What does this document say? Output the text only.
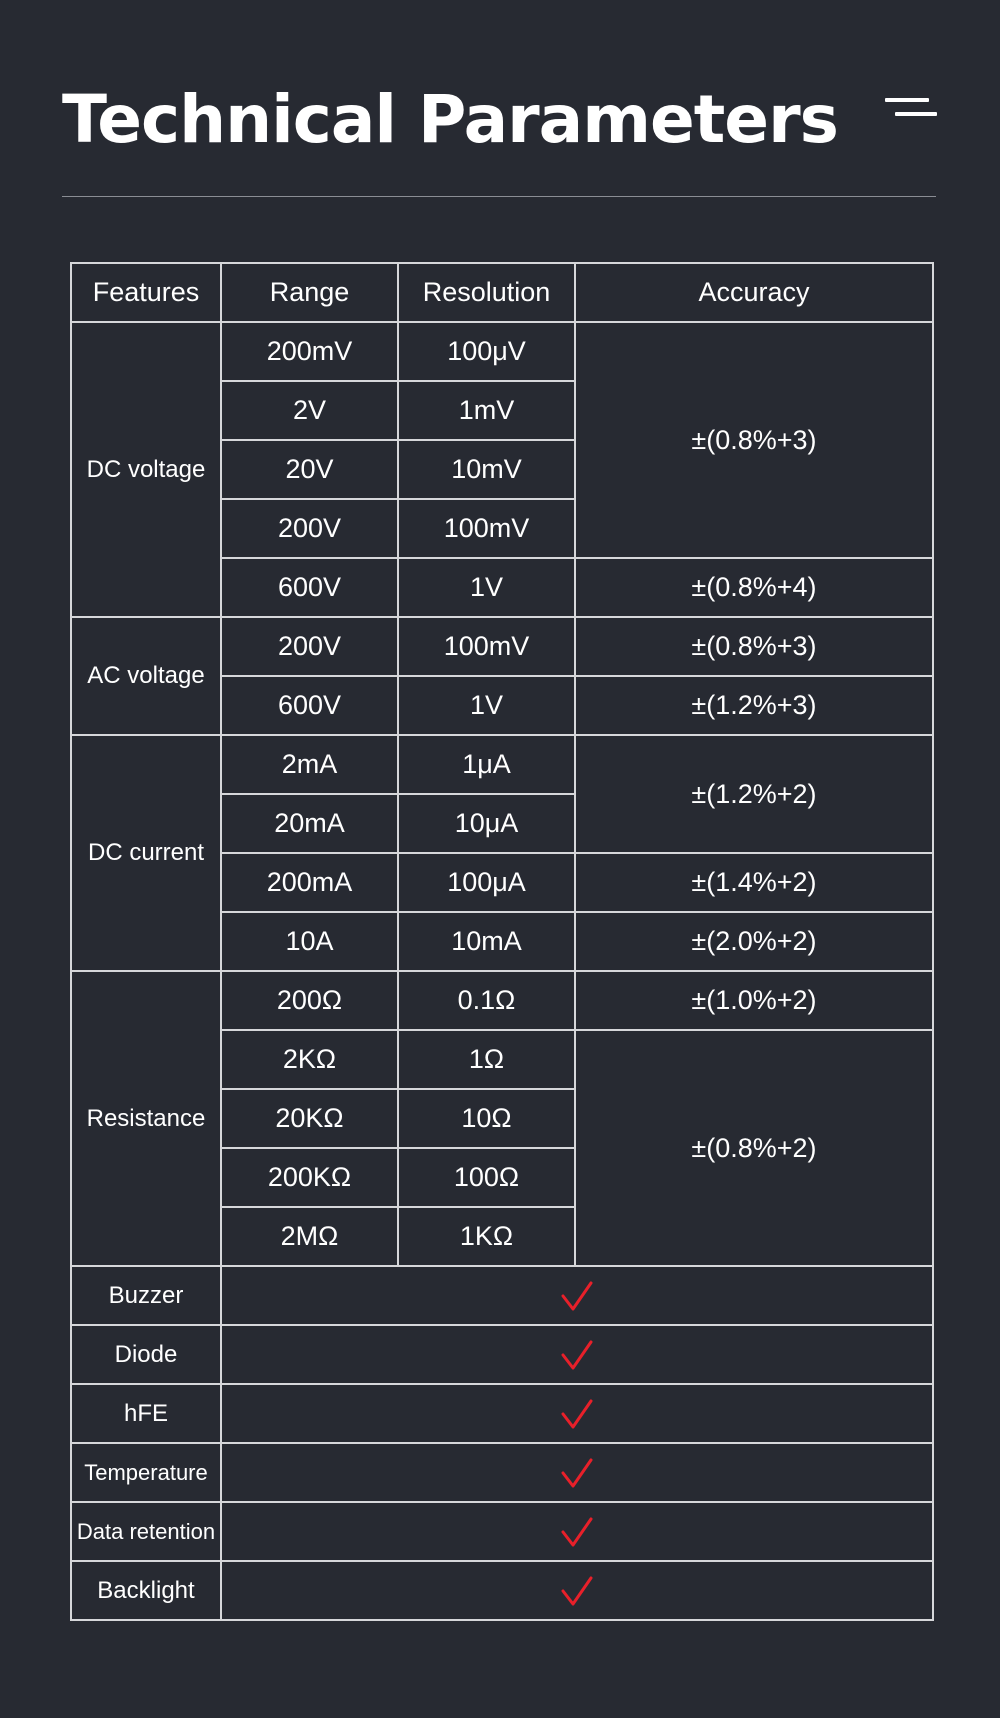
Technical Parameters
Features	Range	Resolution	Accuracy
DC voltage	200mV	100μV	±(0.8%+3)
	2V	1mV	
	20V	10mV	
	200V	100mV	
	600V	1V	±(0.8%+4)
AC voltage	200V	100mV	±(0.8%+3)
	600V	1V	±(1.2%+3)
DC current	2mA	1μA	±(1.2%+2)
	20mA	10μA	
	200mA	100μA	±(1.4%+2)
	10A	10mA	±(2.0%+2)
Resistance	200Ω	0.1Ω	±(1.0%+2)
	2KΩ	1Ω	±(0.8%+2)
	20KΩ	10Ω	
	200KΩ	100Ω	
	2MΩ	1KΩ	
Buzzer	
Diode	
hFE	
Temperature	
Data retention	
Backlight	
